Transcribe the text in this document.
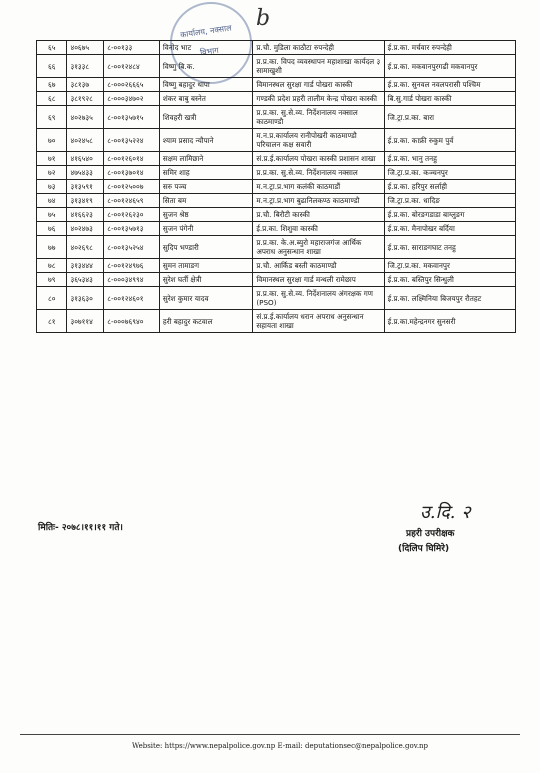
कार्यालय, नक्साल
विभाग
b
६५	४०६७५	८-००१३३	विनोद भाट	प्र.चौ. मुडिला काठौटा रुपन्देही	ई.प्र.का. मर्चवार रुपन्देही
६६	३१३३८	८-००१२४८४	विष्णु बि.क.	प्र.प्र.का. विपद व्यवस्थापन महाशाखा कार्यदल ३ सामाखुशी	ई.प्र.का. मकवानपुरगढी मकवानपुर
६७	३८१३७	८-०००२६६६५	विष्णु बहादुर थापा	विमानस्थल सुरक्षा गार्ड पोखरा कास्की	ई.प्र.का. सुनवल नवलपरासी पश्चिम
६८	३८१९२८	८-०००३४७०२	शंकर बाबु बस्नेत	गण्डकी प्रदेश प्रहरी तालीम केन्द्र पोखरा कास्की	बि.सु.गार्ड पोखरा कास्की
६९	४०२७३५	८-००१३५७१५	शिवहरी खत्री	प्र.प्र.का. सु.से.व्य. निर्देशनालय नक्साल काठमाण्डौ	जि.ट्रा.प्र.का. बारा
७०	४०२४५८	८-००१३५२२४	श्याम प्रसाद न्यौपाने	म.न.प्र.कार्यालय रानीपोखरी काठमाण्डौ परिचालन कक्ष सवारी	ई.प्र.का. काफ्री रुकुम पुर्व
७१	४१६५४०	८-००१२६०१४	सक्षम लामिछाने	सं.प्र.ई.कार्यालय पोखरा कास्की प्रशासन शाखा	ई.प्र.का. भानु तनहु
७२	४७५४३३	८-००१३७०१४	समिर शाह	प्र.प्र.का. सु.से.व्य. निर्देशनालय नक्साल	जि.ट्रा.प्र.का. कञ्चनपुर
७३	३१३५९१	८-००१२५००७	सरु पञ्च	म.न.ट्रा.प्र.भाग कलंकी काठमाडौं	ई.प्र.का. हरिपुर सर्लाही
७४	३१३४१९	८-००१२४६५९	सिता बम	म.न.ट्रा.प्र.भाग बुढानिलकण्ठ काठमाण्डौ	जि.ट्रा.प्र.का. धादिङ
७५	४१६६२३	८-००१२६२३०	सुजन श्रेष्ठ	प्र.चौ. बिरौटी कास्की	ई.प्र.का. बोरङगडाडा बाग्लुङग
७६	४०२४७३	८-००१३५७१३	सुजन पंगेनी	ई.प्र.का. शिशुवा कास्की	ई.प्र.का. मैनापोखर बर्दिया
७७	४०२६९८	८-००१३५२५४	सुदिप भण्डारी	प्र.प्र.का. के.अ.ब्युरो महाराजगंज आर्थिक अपराध अनुसन्धान शाखा	ई.प्र.का. साराङगघाट तनहु
७८	३१३४४४	८-००१२४९७६	सुमन तामाङग	प्र.चौ. आर्किड बस्ती काठमाण्डौ	जि.ट्रा.प्र.का. मकवानपुर
७९	३६५३४३	८-०००३४९९४	सुरेश घर्ती क्षेत्री	विमानस्थल सुरक्षा गार्ड मन्थली रामेछाप	ई.प्र.का. बस्तिपुर सिन्धुली
८०	३१३६३०	८-००१२४६०१	सुरेश कुमार यादव	प्र.प्र.का. सु.से.व्य. निर्देशनालय अंगरक्षक गण (PSO)	ई.प्र.का. लक्ष्मिनिया बिजयपुर रौतहट
८१	३०७११४	८-०००७६९४०	हरी बहादुर कटवाल	सं.प्र.ई.कार्यालय धरान अपराध अनुसन्धान सहायता शाखा	ई.प्र.का.महेन्द्रनगर सुनसरी
मितिः- २०७८।११।११ गते।
उ.दि. २
प्रहरी उपरीक्षक
(दिलिप घिमिरे)
Website: https://www.nepalpolice.gov.np E-mail: deputationsec@nepalpolice.gov.np
